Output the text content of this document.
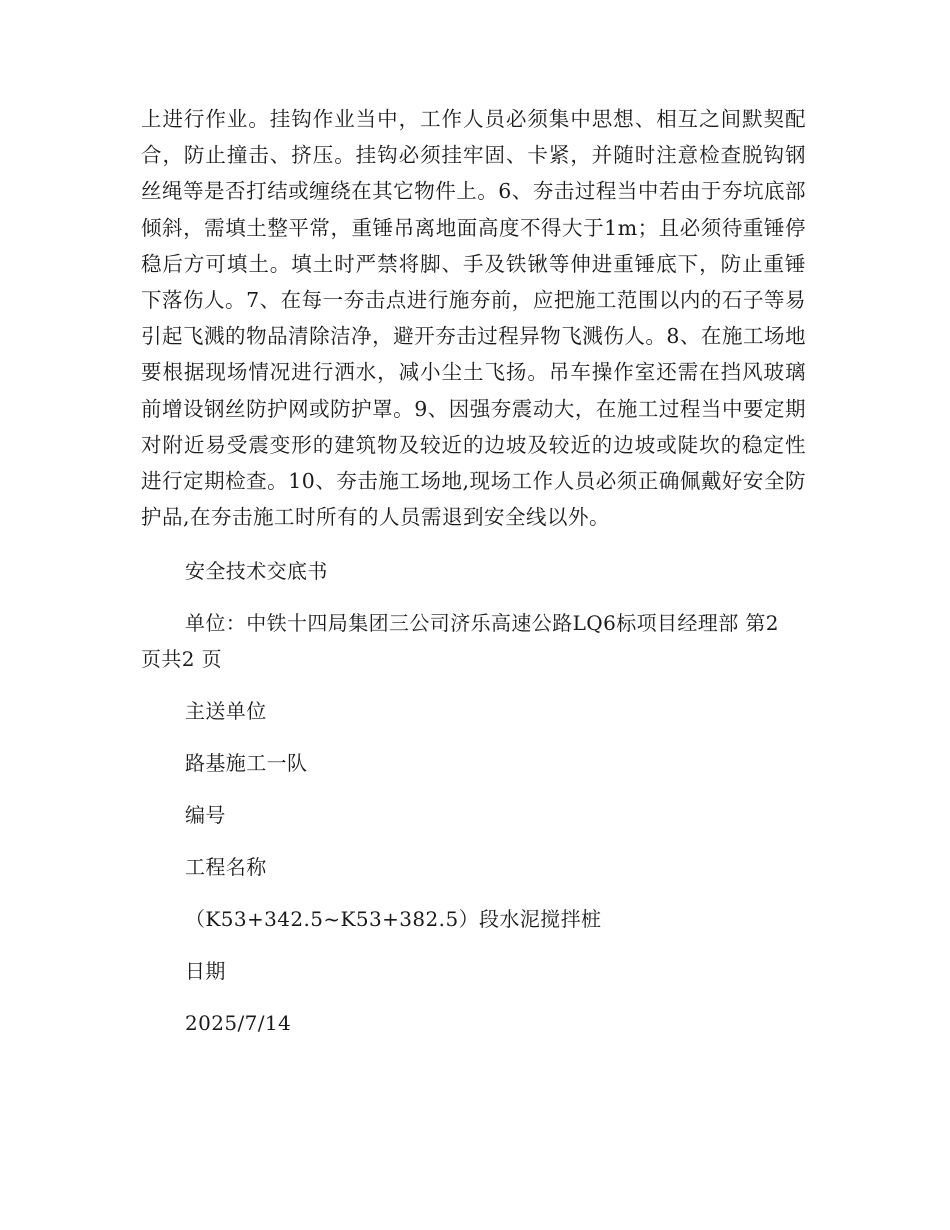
上进行作业。挂钩作业当中，工作人员必须集中思想、相互之间默契配合，防止撞击、挤压。挂钩必须挂牢固、卡紧，并随时注意检查脱钩钢丝绳等是否打结或缠绕在其它物件上。6、夯击过程当中若由于夯坑底部倾斜，需填土整平常，重锤吊离地面高度不得大于1m；且必须待重锤停稳后方可填土。填土时严禁将脚、手及铁锹等伸进重锤底下，防止重锤下落伤人。7、在每一夯击点进行施夯前，应把施工范围以内的石子等易引起飞溅的物品清除洁净，避开夯击过程异物飞溅伤人。8、在施工场地要根据现场情况进行洒水，减小尘土飞扬。吊车操作室还需在挡风玻璃前增设钢丝防护网或防护罩。9、因强夯震动大，在施工过程当中要定期对附近易受震变形的建筑物及较近的边坡及较近的边坡或陡坎的稳定性进行定期检查。10、夯击施工场地,现场工作人员必须正确佩戴好安全防护品,在夯击施工时所有的人员需退到安全线以外。

安全技术交底书

单位：中铁十四局集团三公司济乐高速公路LQ6标项目经理部 第2 页共2 页

主送单位

路基施工一队

编号

工程名称

（K53+342.5~K53+382.5）段水泥搅拌桩

日期

2025/7/14
